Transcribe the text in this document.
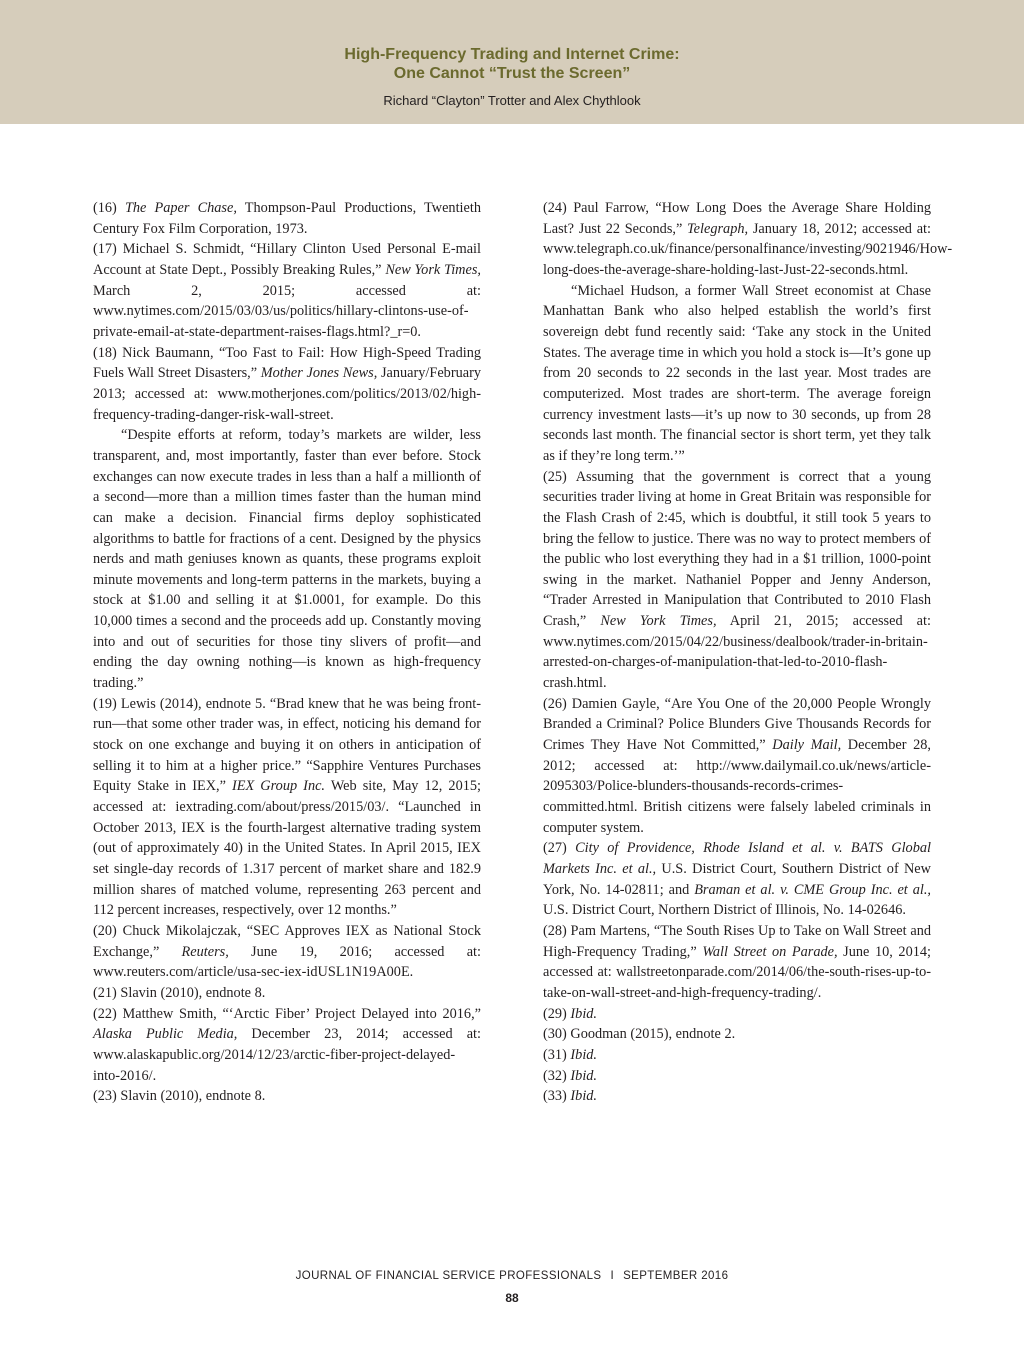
High-Frequency Trading and Internet Crime:
One Cannot “Trust the Screen”
Richard “Clayton” Trotter and Alex Chythlook

(16) The Paper Chase, Thompson-Paul Productions, Twentieth Century Fox Film Corporation, 1973.

(17) Michael S. Schmidt, “Hillary Clinton Used Personal E-mail Account at State Dept., Possibly Breaking Rules,” New York Times, March 2, 2015; accessed at: www.nytimes.com/2015/03/03/us/politics/hillary-clintons-use-of-private-email-at-state-department-raises-flags.html?_r=0.

(18) Nick Baumann, “Too Fast to Fail: How High-Speed Trading Fuels Wall Street Disasters,” Mother Jones News, January/February 2013; accessed at: www.motherjones.com/politics/2013/02/high-frequency-trading-danger-risk-wall-street.

“Despite efforts at reform, today’s markets are wilder, less transparent, and, most importantly, faster than ever before. Stock exchanges can now execute trades in less than a half a millionth of a second—more than a million times faster than the human mind can make a decision. Financial firms deploy sophisticated algorithms to battle for fractions of a cent. Designed by the physics nerds and math geniuses known as quants, these programs exploit minute movements and long-term patterns in the markets, buying a stock at $1.00 and selling it at $1.0001, for example. Do this 10,000 times a second and the proceeds add up. Constantly moving into and out of securities for those tiny slivers of profit—and ending the day owning nothing—is known as high-frequency trading.”

(19) Lewis (2014), endnote 5. “Brad knew that he was being front-run—that some other trader was, in effect, noticing his demand for stock on one exchange and buying it on others in anticipation of selling it to him at a higher price.” “Sapphire Ventures Purchases Equity Stake in IEX,” IEX Group Inc. Web site, May 12, 2015; accessed at: iextrading.com/about/press/2015/03/. “Launched in October 2013, IEX is the fourth-largest alternative trading system (out of approximately 40) in the United States. In April 2015, IEX set single-day records of 1.317 percent of market share and 182.9 million shares of matched volume, representing 263 percent and 112 percent increases, respectively, over 12 months.”

(20) Chuck Mikolajczak, “SEC Approves IEX as National Stock Exchange,” Reuters, June 19, 2016; accessed at: www.reuters.com/article/usa-sec-iex-idUSL1N19A00E.

(21) Slavin (2010), endnote 8.

(22) Matthew Smith, “‘Arctic Fiber’ Project Delayed into 2016,” Alaska Public Media, December 23, 2014; accessed at: www.alaskapublic.org/2014/12/23/arctic-fiber-project-delayed-into-2016/.

(23) Slavin (2010), endnote 8.

(24) Paul Farrow, “How Long Does the Average Share Holding Last? Just 22 Seconds,” Telegraph, January 18, 2012; accessed at: www.telegraph.co.uk/finance/personalfinance/investing/9021946/How-long-does-the-average-share-holding-last-Just-22-seconds.html.

“Michael Hudson, a former Wall Street economist at Chase Manhattan Bank who also helped establish the world’s first sovereign debt fund recently said: ‘Take any stock in the United States. The average time in which you hold a stock is—It’s gone up from 20 seconds to 22 seconds in the last year. Most trades are computerized. Most trades are short-term. The average foreign currency investment lasts—it’s up now to 30 seconds, up from 28 seconds last month. The financial sector is short term, yet they talk as if they’re long term.’”

(25) Assuming that the government is correct that a young securities trader living at home in Great Britain was responsible for the Flash Crash of 2:45, which is doubtful, it still took 5 years to bring the fellow to justice. There was no way to protect members of the public who lost everything they had in a $1 trillion, 1000-point swing in the market. Nathaniel Popper and Jenny Anderson, “Trader Arrested in Manipulation that Contributed to 2010 Flash Crash,” New York Times, April 21, 2015; accessed at: www.nytimes.com/2015/04/22/business/dealbook/trader-in-britain-arrested-on-charges-of-manipulation-that-led-to-2010-flash-crash.html.

(26) Damien Gayle, “Are You One of the 20,000 People Wrongly Branded a Criminal? Police Blunders Give Thousands Records for Crimes They Have Not Committed,” Daily Mail, December 28, 2012; accessed at: http://www.dailymail.co.uk/news/article-2095303/Police-blunders-thousands-records-crimes-committed.html. British citizens were falsely labeled criminals in computer system.

(27) City of Providence, Rhode Island et al. v. BATS Global Markets Inc. et al., U.S. District Court, Southern District of New York, No. 14-02811; and Braman et al. v. CME Group Inc. et al., U.S. District Court, Northern District of Illinois, No. 14-02646.

(28) Pam Martens, “The South Rises Up to Take on Wall Street and High-Frequency Trading,” Wall Street on Parade, June 10, 2014; accessed at: wallstreetonparade.com/2014/06/the-south-rises-up-to-take-on-wall-street-and-high-frequency-trading/.

(29) Ibid.

(30) Goodman (2015), endnote 2.

(31) Ibid.

(32) Ibid.

(33) Ibid.

JOURNAL OF FINANCIAL SERVICE PROFESSIONALS I SEPTEMBER 2016
88
